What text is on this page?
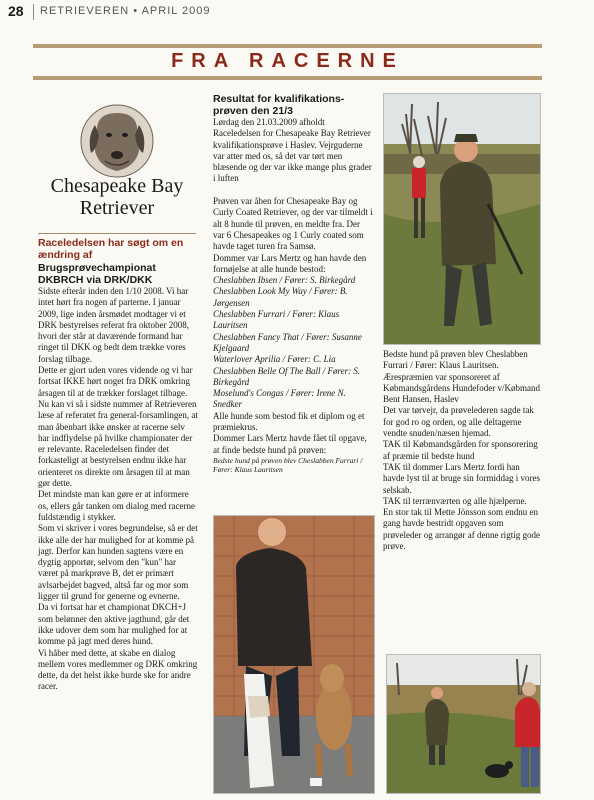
28 RETRIEVEREN • APRIL 2009
FRA RACERNE
Chesapeake Bay
Retriever

Raceledelsen har søgt om en ændring af

Brugsprøvechampionat DKBRCH via DRK/DKK

Sidste efterår inden den 1/10 2008. Vi har intet hørt fra nogen af parterne. I januar 2009, lige inden årsmødet modtager vi et DRK bestyrelses referat fra oktober 2008, hvori der står at daværende formand har ringet til DKK og bedt dem trække vores forslag tilbage.

Dette er gjort uden vores vidende og vi har fortsat IKKE hørt noget fra DRK omkring årsagen til at de trækker forslaget tilbage.

Nu kan vi så i sidste nummer af Retrieveren læse af referatet fra general-forsamlingen, at man åbenbart ikke ønsker at racerne selv har indflydelse på hvilke championater der er relevante. Raceledelsen finder det forkasteligt at bestyrelsen endnu ikke har orienteret os direkte om årsagen til at man gør dette.

Det mindste man kan gøre er at informere os, ellers går tanken om dialog med racerne fuldstændig i stykker.

Som vi skriver i vores begrundelse, så er det ikke alle der har mulighed for at komme på jagt. Derfor kan hunden sagtens være en dygtig apportør, selvom den "kun" har været på markprøve B, det er primært avlsarbejdet bagved, altså far og mor som ligger til grund for generne og evnerne.

Da vi fortsat har et championat DKCH+J som belønner den aktive jagthund, går det ikke udover dem som har mulighed for at komme på jagt med deres hund.

Vi håber med dette, at skabe en dialog mellem vores medlemmer og DRK omkring dette, da det helst ikke burde ske for andre racer.

Resultat for kvalifikations-prøven den 21/3

Lørdag den 21.03.2009 afholdt Raceledelsen for Chesapeake Bay Retriever kvalifikationsprøve i Haslev. Vejrguderne var atter med os, så det var tørt men blæsende og der var ikke mange plus grader i luften

Prøven var åben for Chesapeake Bay og Curly Coated Retriever, og der var tilmeldt i alt 8 hunde til prøven, en meldte fra. Der var 6 Chesapeakes og 1 Curly coated som havde taget turen fra Samsø.

Dommer var Lars Mertz og han havde den fornøjelse at alle hunde bestod:

Cheslabben Ibsen / Fører: S. Birkegård

Cheslabben Look My Way / Fører: B. Jørgensen

Cheslabben Furrari / Fører: Klaus Lauritsen

Cheslabben Fancy That / Fører: Susanne Kjelgaard

Waterlover Aprilia / Fører: C. Lia

Cheslabben Belle Of The Ball / Fører: S. Birkegård

Moselund's Congas / Fører: Irene N. Snedker

Alle hunde som bestod fik et diplom og et præmiekrus.

Dommer Lars Mertz havde fået til opgave, at finde bedste hund på prøven:

Bedste hund på prøven blev Cheslabben Furrari / Fører: Klaus Lauritsen

Bedste hund på prøven blev Cheslabben Furrari / Fører: Klaus Lauritsen.

Ærespræmien var sponsoreret af Købmandsgårdens Hundefoder v/Købmand Bent Hansen, Haslev

Det var tørvejr, da prøvelederen sagde tak for god ro og orden, og alle deltagerne vendte snuden/næsen hjemad.

TAK til Købmandsgården for sponsorering af præmie til bedste hund

TAK til dommer Lars Mertz fordi han havde lyst til at bruge sin formiddag i vores selskab.

TAK til terrænværten og alle hjælperne.

En stor tak til Mette Jönsson som endnu en gang havde bestridt opgaven som prøveleder og arrangør af denne rigtig gode prøve.
